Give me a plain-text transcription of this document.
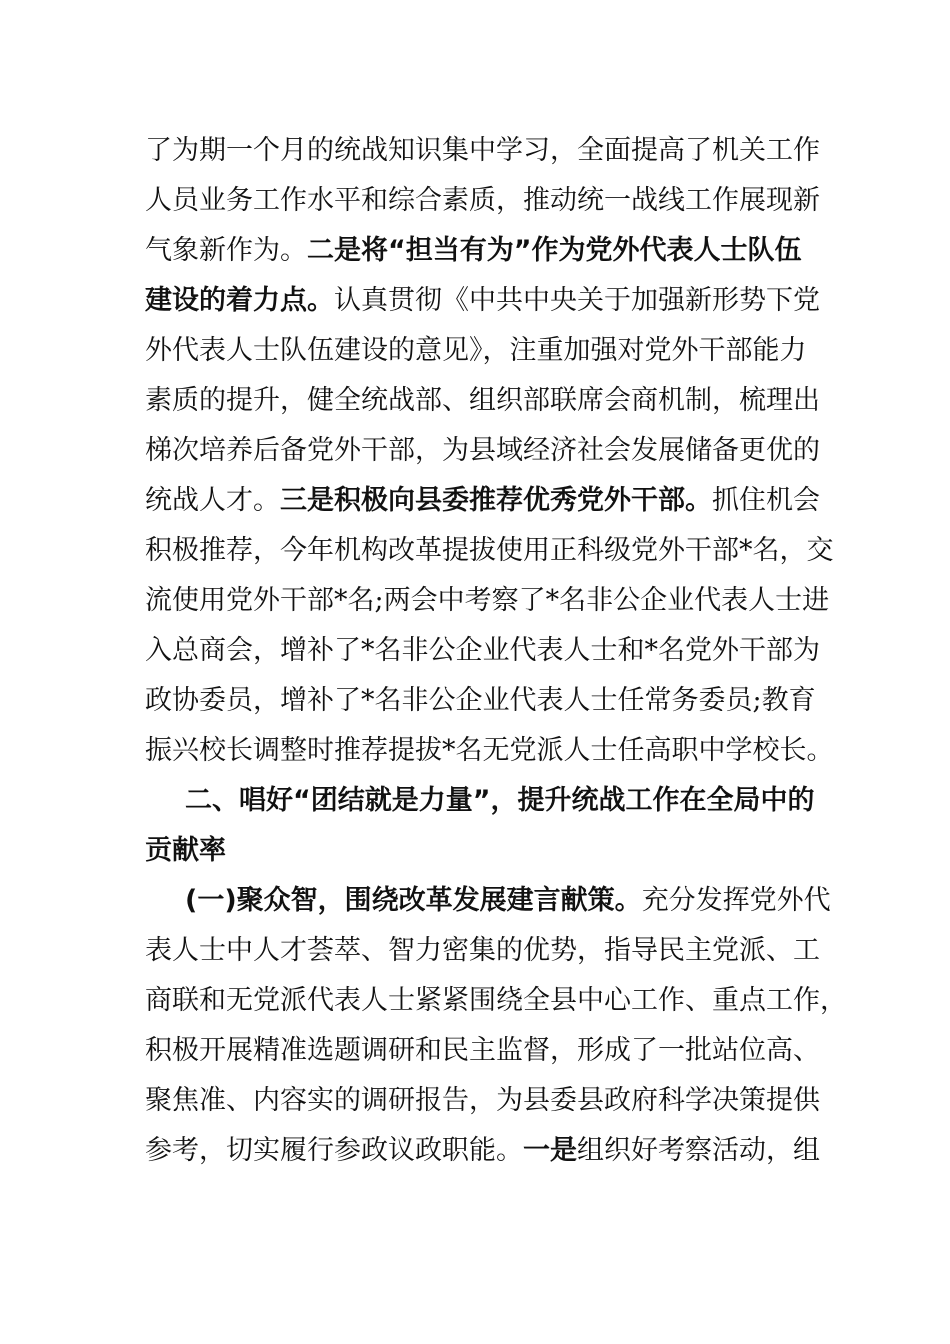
了为期一个月的统战知识集中学习，全面提高了机关工作
人员业务工作水平和综合素质，推动统一战线工作展现新
气象新作为。二是将“担当有为”作为党外代表人士队伍
建设的着力点。认真贯彻《中共中央关于加强新形势下党
外代表人士队伍建设的意见》，注重加强对党外干部能力
素质的提升，健全统战部、组织部联席会商机制，梳理出
梯次培养后备党外干部，为县域经济社会发展储备更优的
统战人才。三是积极向县委推荐优秀党外干部。抓住机会
积极推荐，今年机构改革提拔使用正科级党外干部*名，交
流使用党外干部*名;两会中考察了*名非公企业代表人士进
入总商会，增补了*名非公企业代表人士和*名党外干部为
政协委员，增补了*名非公企业代表人士任常务委员;教育
振兴校长调整时推荐提拔*名无党派人士任高职中学校长。
二、唱好“团结就是力量”，提升统战工作在全局中的
贡献率
(一)聚众智，围绕改革发展建言献策。充分发挥党外代
表人士中人才荟萃、智力密集的优势，指导民主党派、工
商联和无党派代表人士紧紧围绕全县中心工作、重点工作，
积极开展精准选题调研和民主监督，形成了一批站位高、
聚焦准、内容实的调研报告，为县委县政府科学决策提供
参考，切实履行参政议政职能。一是组织好考察活动，组
